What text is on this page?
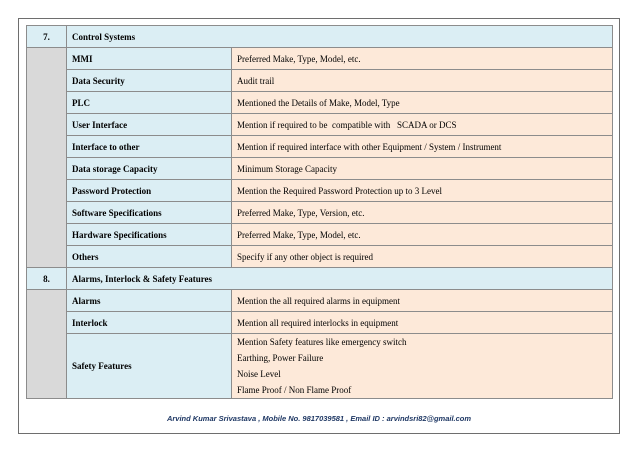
7.	Control Systems	
	MMI	Preferred Make, Type, Model, etc.
	Data Security	Audit trail
	PLC	Mentioned the Details of Make, Model, Type
	User Interface	Mention if required to be  compatible with   SCADA or DCS
	Interface to other	Mention if required interface with other Equipment / System / Instrument
	Data storage Capacity	Minimum Storage Capacity
	Password Protection	Mention the Required Password Protection up to 3 Level
	Software Specifications	Preferred Make, Type, Version, etc.
	Hardware Specifications	Preferred Make, Type, Model, etc.
	Others	Specify if any other object is required
8.	Alarms, Interlock & Safety Features	
	Alarms	Mention the all required alarms in equipment
	Interlock	Mention all required interlocks in equipment
	Safety Features	Mention Safety features like emergency switch
Earthing, Power Failure
Noise Level
Flame Proof / Non Flame Proof
Arvind Kumar Srivastava , Mobile No. 9817039581 , Email ID : arvindsri82@gmail.com
